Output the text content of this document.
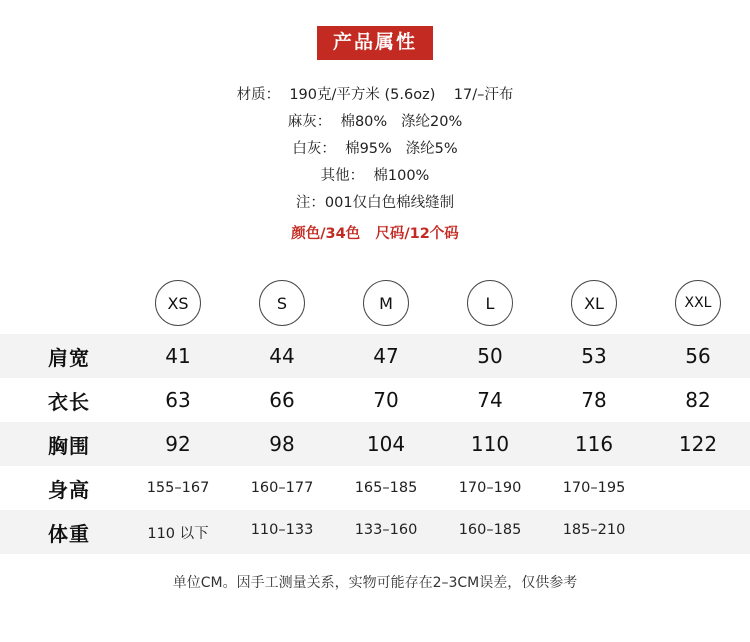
产品属性
材质：  190克/平方米 (5.6oz)    17/–汗布
麻灰：  棉80%   涤纶20%
白灰：  棉95%   涤纶5%
其他：  棉100%
注：001仅白色棉线缝制
颜色/34色   尺码/12个码
XS	S	M	L	XL	XXL
肩宽	41	44	47	50	53	56
衣长	63	66	70	74	78	82
胸围	92	98	104	110	116	122
身高	155–167	160–177	165–185	170–190	170–195
体重	110 以下	110–133	133–160	160–185	185–210
单位CM。因手工测量关系，实物可能存在2–3CM误差，仅供参考
